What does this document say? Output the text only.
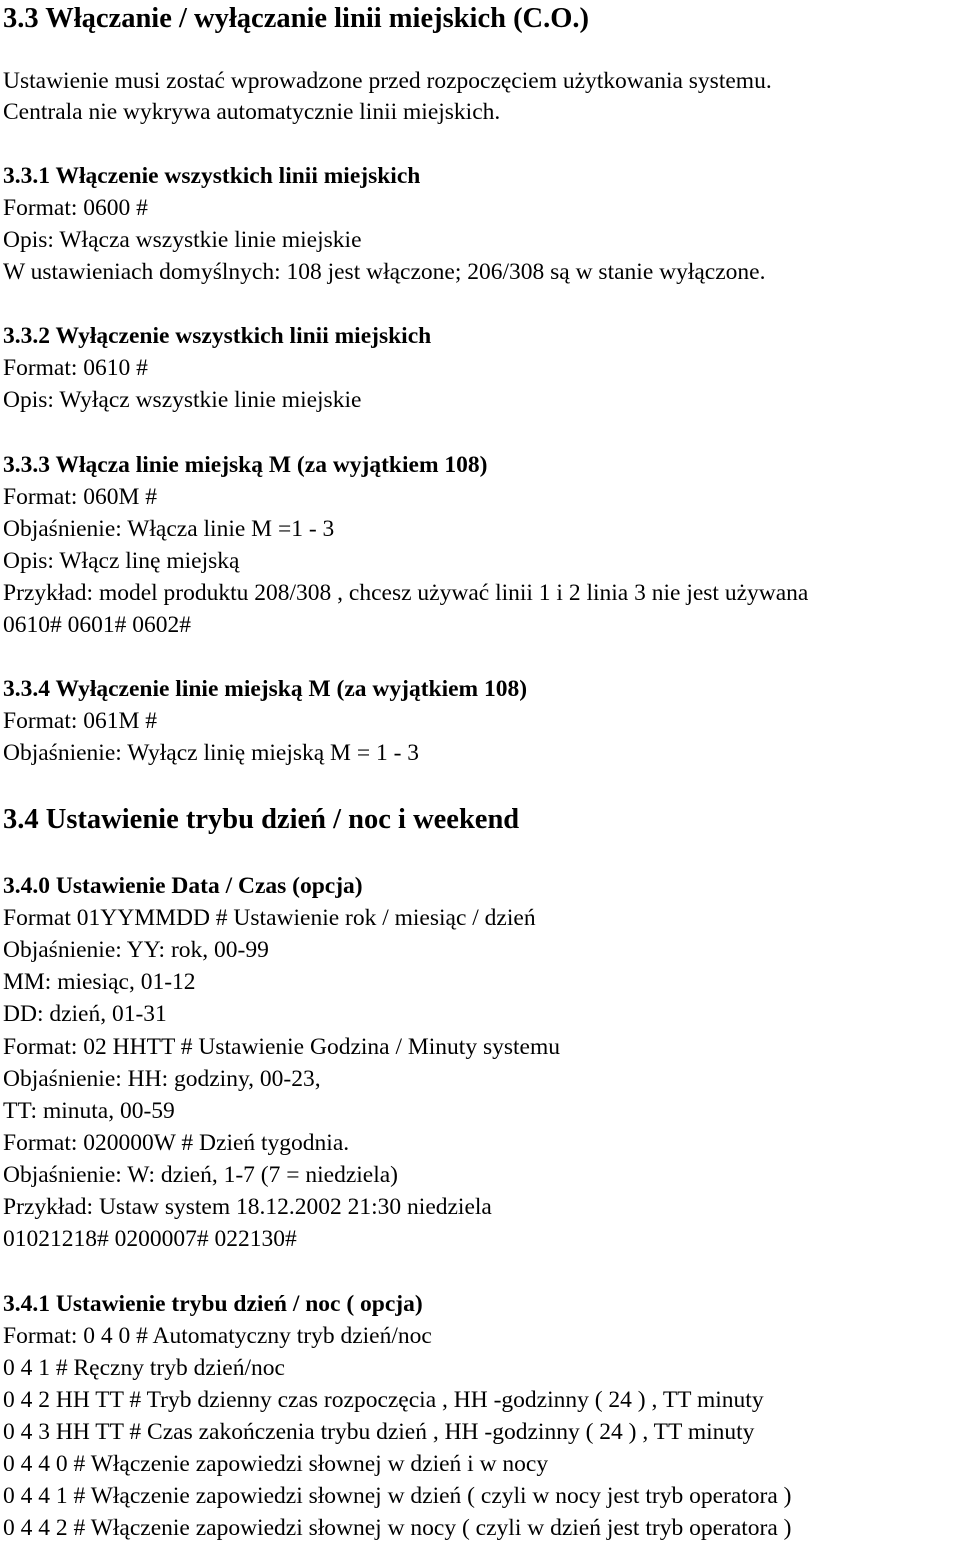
3.3 Włączanie / wyłączanie linii miejskich (C.O.)
Ustawienie musi zostać wprowadzone przed rozpoczęciem użytkowania systemu.
Centrala nie wykrywa automatycznie linii miejskich.
3.3.1 Włączenie wszystkich linii miejskich
Format: 0600 #
Opis: Włącza wszystkie linie miejskie
W ustawieniach domyślnych: 108 jest włączone; 206/308 są w stanie wyłączone.
3.3.2 Wyłączenie wszystkich linii miejskich
Format: 0610 #
Opis: Wyłącz wszystkie linie miejskie
3.3.3 Włącza linie miejską M (za wyjątkiem 108)
Format: 060M #
Objaśnienie: Włącza linie M =1 - 3
Opis: Włącz linę miejską
Przykład: model produktu 208/308 , chcesz używać linii 1 i 2 linia 3 nie jest używana
0610# 0601# 0602#
3.3.4 Wyłączenie linie miejską M (za wyjątkiem 108)
Format: 061M #
Objaśnienie: Wyłącz linię miejską M = 1 - 3
3.4 Ustawienie trybu dzień / noc i weekend
3.4.0 Ustawienie Data / Czas (opcja)
Format 01YYMMDD # Ustawienie rok / miesiąc / dzień
Objaśnienie: YY: rok, 00-99
MM: miesiąc, 01-12
DD: dzień, 01-31
Format: 02 HHTT # Ustawienie Godzina / Minuty systemu
Objaśnienie: HH: godziny, 00-23,
TT: minuta, 00-59
Format: 020000W # Dzień tygodnia.
Objaśnienie: W: dzień, 1-7 (7 = niedziela)
Przykład: Ustaw system 18.12.2002 21:30 niedziela
01021218# 0200007# 022130#
3.4.1 Ustawienie trybu dzień / noc ( opcja)
Format: 0 4 0 # Automatyczny tryb dzień/noc
0 4 1 # Ręczny tryb dzień/noc
0 4 2 HH TT # Tryb dzienny czas rozpoczęcia , HH -godzinny ( 24 ) , TT minuty
0 4 3 HH TT # Czas zakończenia trybu dzień , HH -godzinny ( 24 ) , TT minuty
0 4 4 0 # Włączenie zapowiedzi słownej w dzień i w nocy
0 4 4 1 # Włączenie zapowiedzi słownej w dzień ( czyli w nocy jest tryb operatora )
0 4 4 2 # Włączenie zapowiedzi słownej w nocy ( czyli w dzień jest tryb operatora )
